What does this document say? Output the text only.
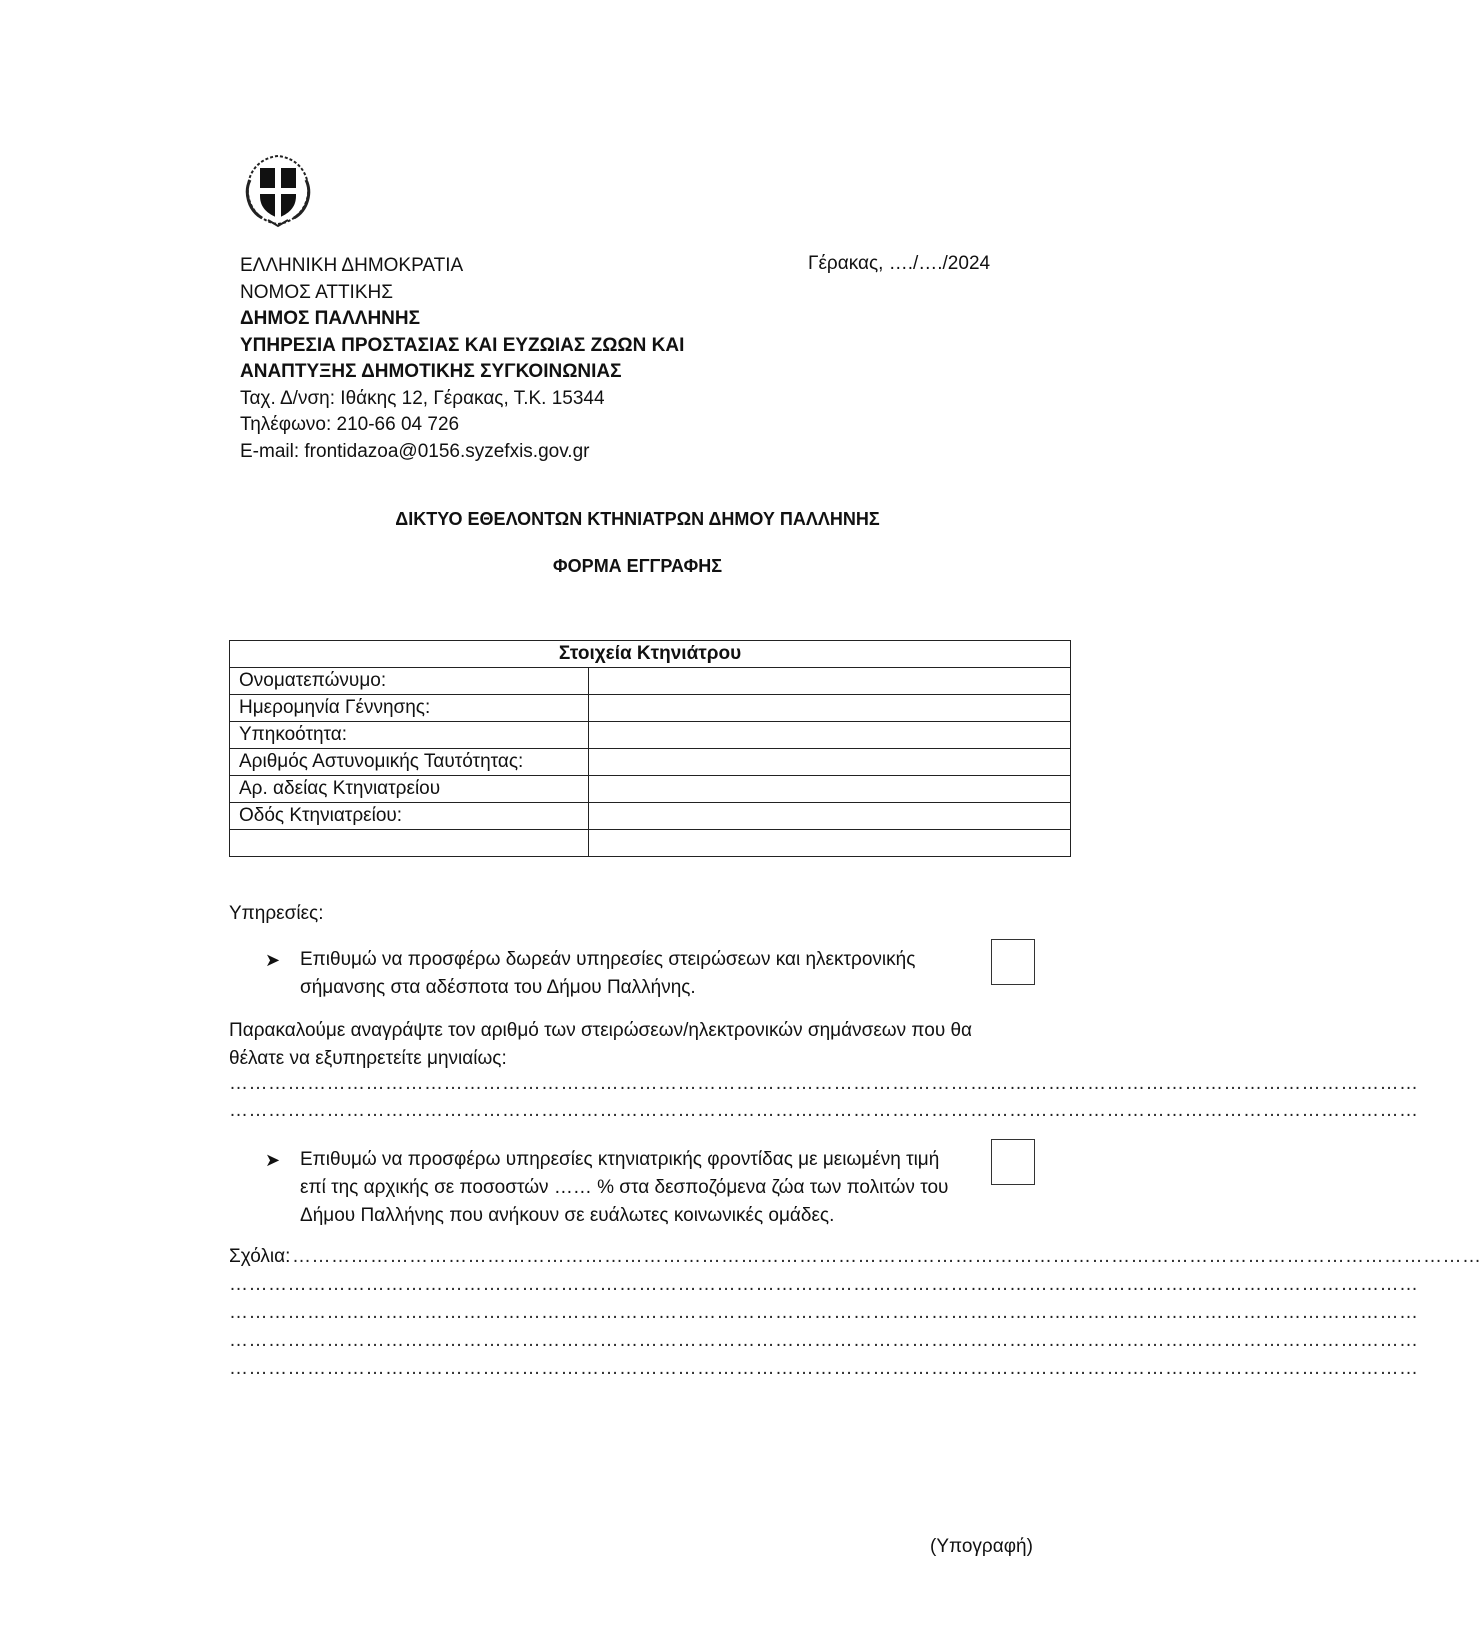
ΕΛΛΗΝΙΚΗ ΔΗΜΟΚΡΑΤΙΑ
ΝΟΜΟΣ ΑΤΤΙΚΗΣ
ΔΗΜΟΣ ΠΑΛΛΗΝΗΣ
ΥΠΗΡΕΣΙΑ ΠΡΟΣΤΑΣΙΑΣ ΚΑΙ ΕΥΖΩΙΑΣ ΖΩΩΝ ΚΑΙ
ΑΝΑΠΤΥΞΗΣ ΔΗΜΟΤΙΚΗΣ ΣΥΓΚΟΙΝΩΝΙΑΣ
Ταχ. Δ/νση: Ιθάκης 12, Γέρακας, Τ.Κ. 15344
Τηλέφωνο: 210-66 04 726
E-mail: frontidazoa@0156.syzefxis.gov.gr
Γέρακας, …./…./2024
ΔΙΚΤΥΟ ΕΘΕΛΟΝΤΩΝ ΚΤΗΝΙΑΤΡΩΝ ΔΗΜΟΥ ΠΑΛΛΗΝΗΣ
ΦΟΡΜΑ ΕΓΓΡΑΦΗΣ
Στοιχεία Κτηνιάτρου	
Ονοματεπώνυμο:	
Ημερομηνία Γέννησης:	
Υπηκοότητα:	
Αριθμός Αστυνομικής Ταυτότητας:	
Αρ. αδείας Κτηνιατρείου	
Οδός Κτηνιατρείου:	

Υπηρεσίες:
➤ Επιθυμώ να προσφέρω δωρεάν υπηρεσίες στειρώσεων και ηλεκτρονικής σήμανσης στα αδέσποτα του Δήμου Παλλήνης.
Παρακαλούμε αναγράψτε τον αριθμό των στειρώσεων/ηλεκτρονικών σημάνσεων που θα θέλατε να εξυπηρετείτε μηνιαίως:
…………………………………………………………………………………………………………………………………………………………………
…………………………………………………………………………………………………………………………………………………………………
➤ Επιθυμώ να προσφέρω υπηρεσίες κτηνιατρικής φροντίδας με μειωμένη τιμή επί της αρχικής σε ποσοστών …… % στα δεσποζόμενα ζώα των πολιτών του Δήμου Παλλήνης που ανήκουν σε ευάλωτες κοινωνικές ομάδες.
Σχόλια: …………………………………………………………………………………………………………………………………………………………………
…………………………………………………………………………………………………………………………………………………………………
…………………………………………………………………………………………………………………………………………………………………
…………………………………………………………………………………………………………………………………………………………………
…………………………………………………………………………………………………………………………………………………………………
(Υπογραφή)
